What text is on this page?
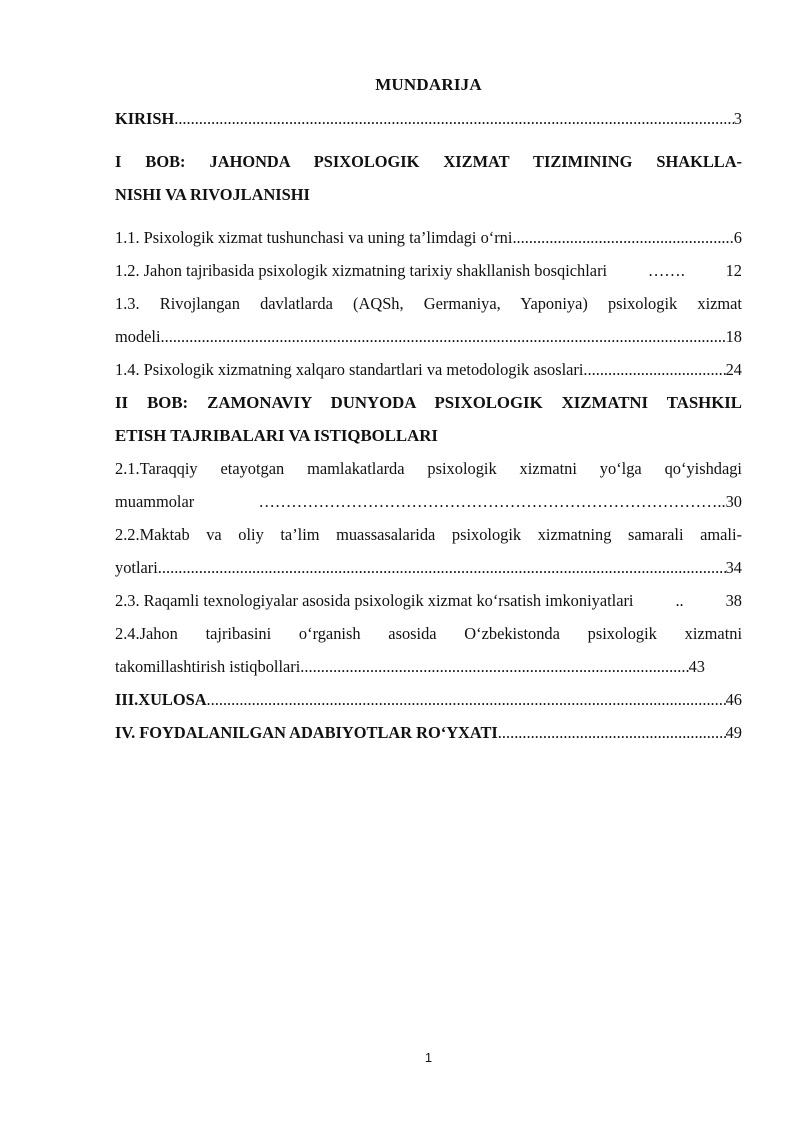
MUNDARIJA
KIRISH .....	3
I BOB: JAHONDA PSIXOLOGIK XIZMAT TIZIMINING SHAKLLA-
NISHI VA RIVOJLANISHI
1.1. Psixologik xizmat tushunchasi va uning ta’limdagi o‘rni .....	6
1.2. Jahon tajribasida psixologik xizmatning tarixiy shakllanish bosqichlari ……. 12
1.3. Rivojlangan davlatlarda (AQSh, Germaniya, Yaponiya) psixologik xizmat
modeli .....	18
1.4. Psixologik xizmatning xalqaro standartlari va metodologik asoslari .....	24
II BOB: ZAMONAVIY DUNYODA PSIXOLOGIK XIZMATNI TASHKIL
ETISH TAJRIBALARI VA ISTIQBOLLARI
2.1.Taraqqiy etayotgan mamlakatlarda psixologik xizmatni yo‘lga qo‘yishdagi
muammolar	………………………………………………………………………….. 30
2.2.Maktab va oliy ta’lim muassasalarida psixologik xizmatning samarali amali-
yotlari .....	34
2.3. Raqamli texnologiyalar asosida psixologik xizmat ko‘rsatish imkoniyatlari	..	38
2.4.Jahon tajribasini o‘rganish asosida O‘zbekistonda psixologik xizmatni
takomillashtirish istiqbollari .....	43
III.XULOSA .....	46
IV. FOYDALANILGAN ADABIYOTLAR RO‘YXATI .....	49
1
